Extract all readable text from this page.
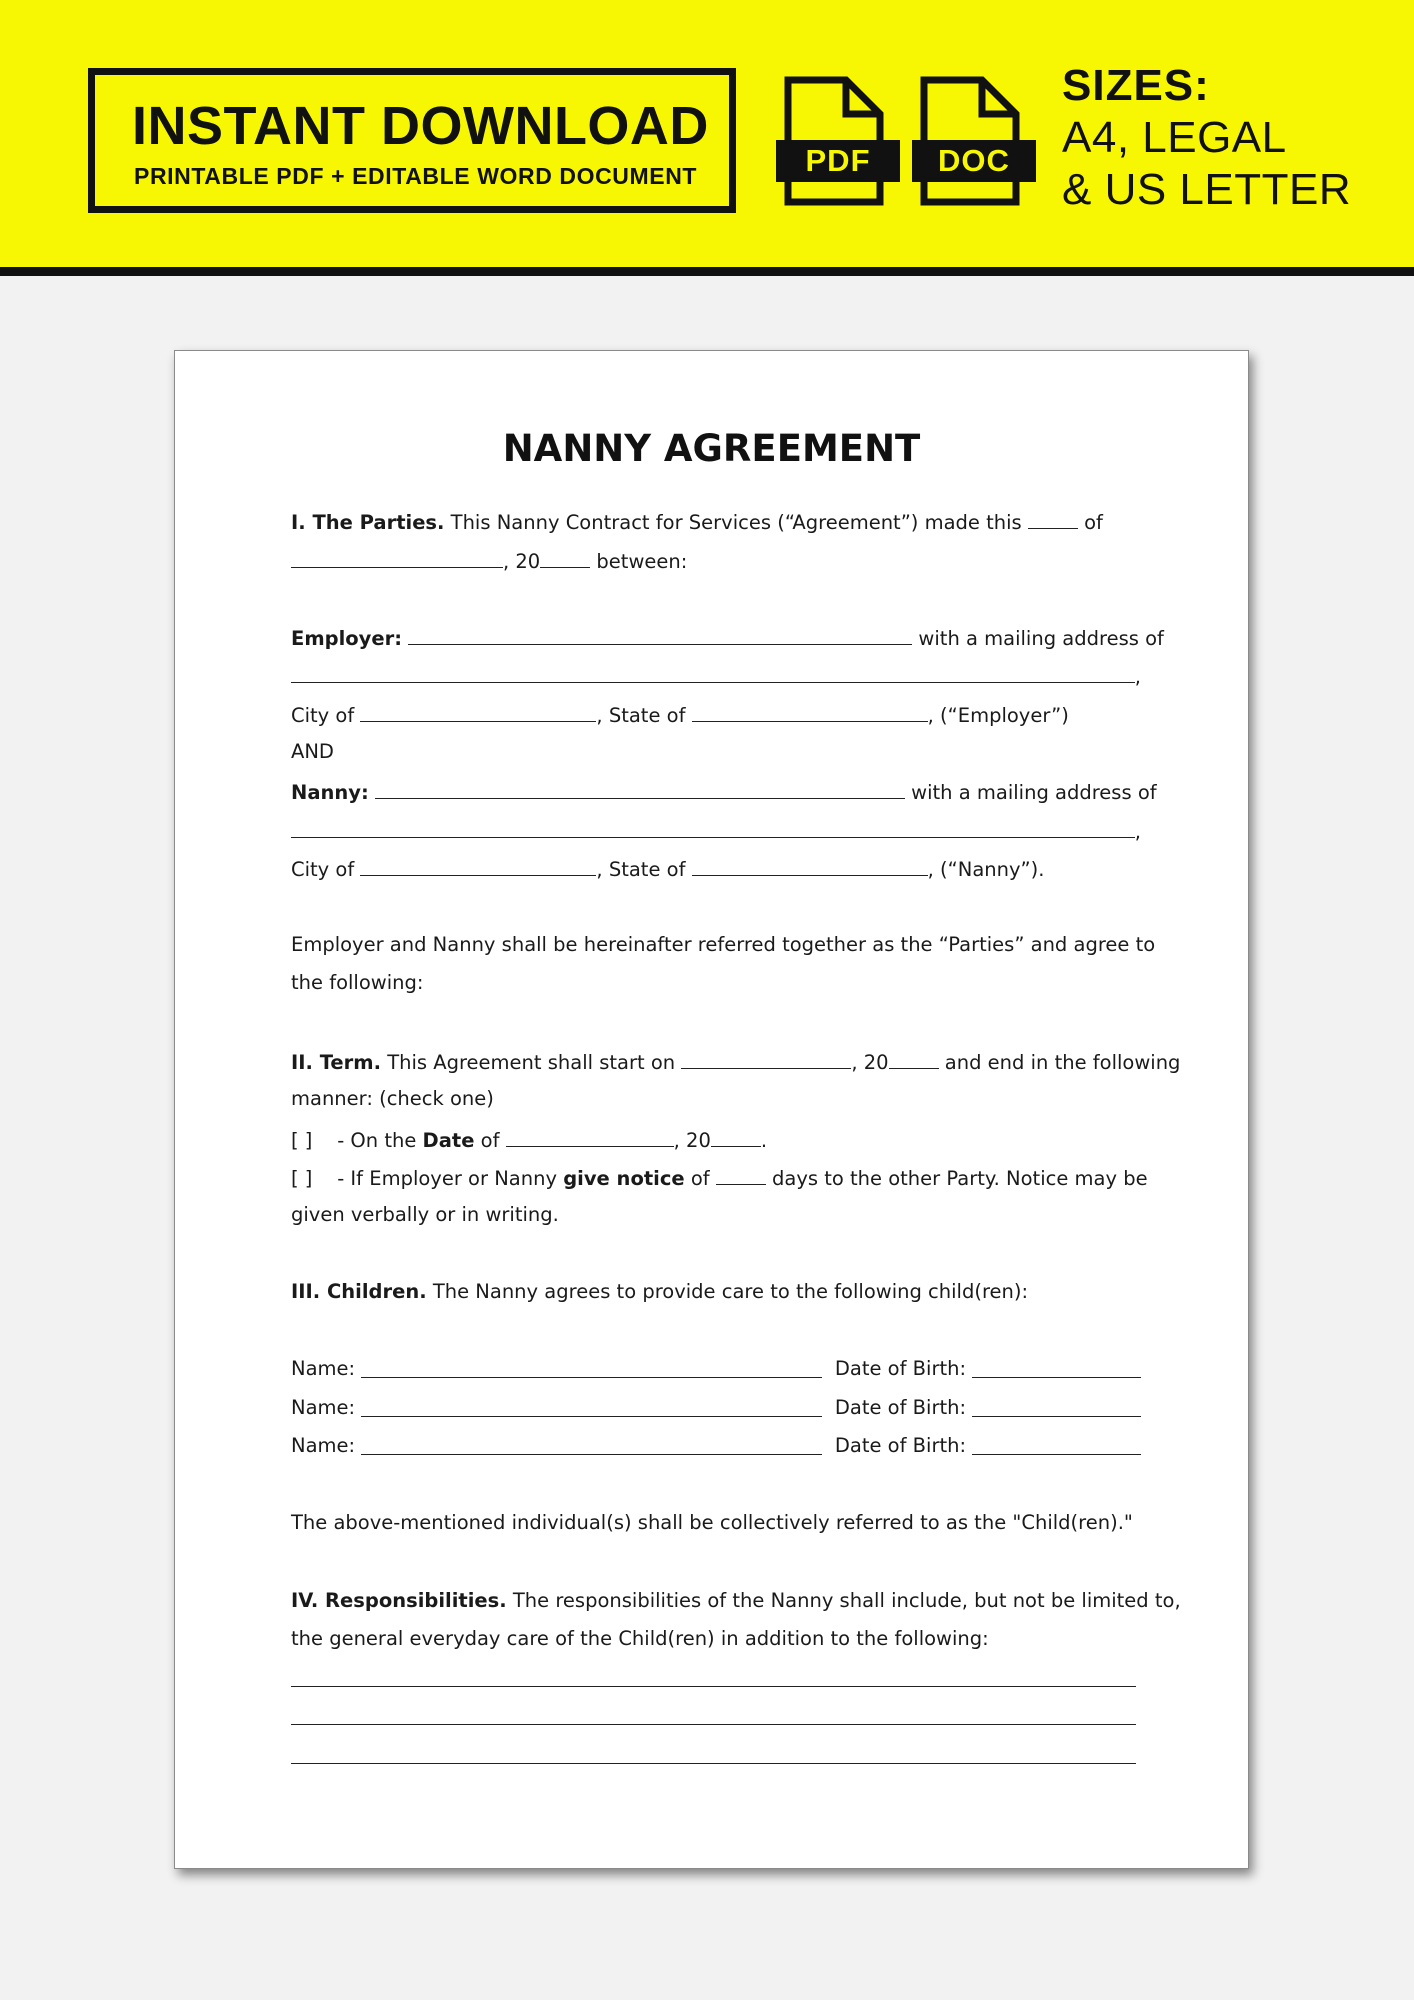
INSTANT DOWNLOAD
PRINTABLE PDF + EDITABLE WORD DOCUMENT	PDF	DOC
SIZES:
A4, LEGAL
& US LETTER
NANNY AGREEMENT
I. The Parties. This Nanny Contract for Services (“Agreement”) made this	of
, 20	between:
Employer:	with a mailing address of
,
City of	, State of	, (“Employer”)
AND
Nanny:	with a mailing address of
,
City of	, State of	, (“Nanny”).
Employer and Nanny shall be hereinafter referred together as the “Parties” and agree to
the following:
II. Term. This Agreement shall start on	, 20	and end in the following
manner: (check one)
[ ] - On the Date of	, 20	.
[ ] - If Employer or Nanny give notice of	days to the other Party. Notice may be
given verbally or in writing.
III. Children. The Nanny agrees to provide care to the following child(ren):
Name:	Date of Birth:
Name:	Date of Birth:
Name:	Date of Birth:
The above-mentioned individual(s) shall be collectively referred to as the "Child(ren)."
IV. Responsibilities. The responsibilities of the Nanny shall include, but not be limited to,
the general everyday care of the Child(ren) in addition to the following:
